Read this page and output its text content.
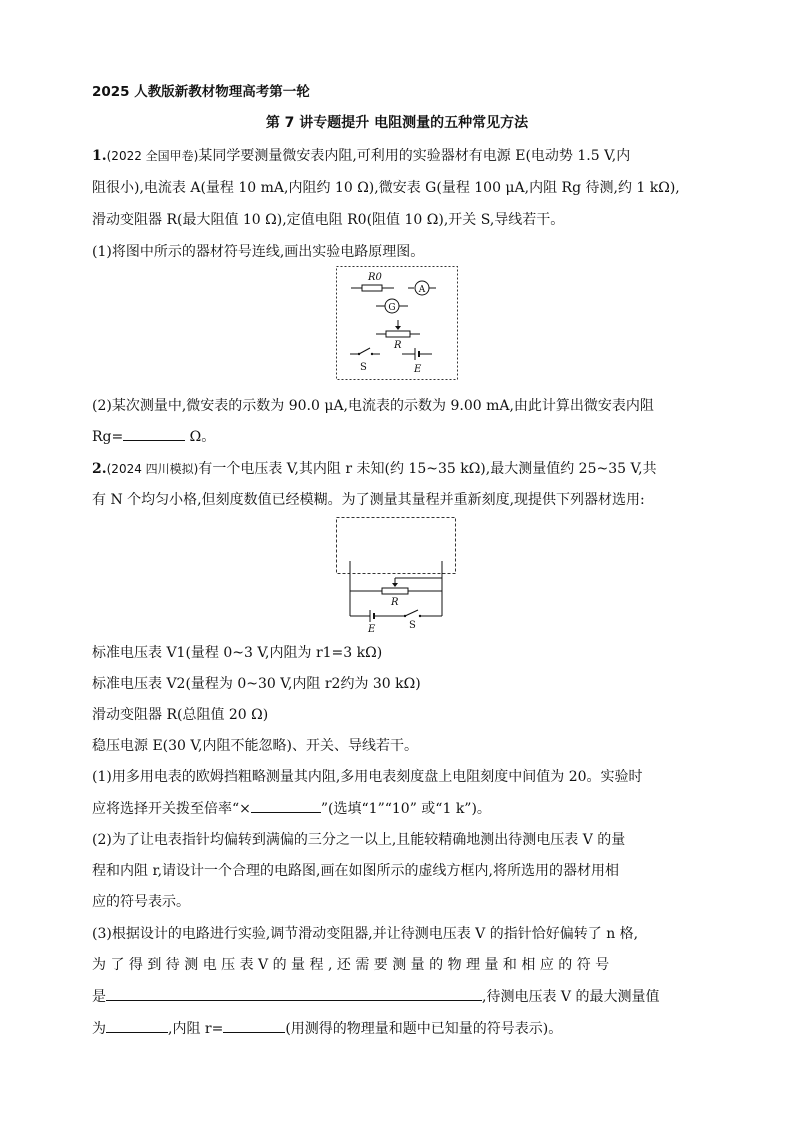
2025 人教版新教材物理高考第一轮
第 7 讲专题提升 电阻测量的五种常见方法
1.(2022 全国甲卷)某同学要测量微安表内阻,可利用的实验器材有电源 E(电动势 1.5 V,内
阻很小),电流表 A(量程 10 mA,内阻约 10 Ω),微安表 G(量程 100 μA,内阻 Rg 待测,约 1 kΩ),
滑动变阻器 R(最大阻值 10 Ω),定值电阻 R0(阻值 10 Ω),开关 S,导线若干。
(1)将图中所示的器材符号连线,画出实验电路原理图。
R0
A
G
R
S	E
(2)某次测量中,微安表的示数为 90.0 μA,电流表的示数为 9.00 mA,由此计算出微安表内阻
Rg=	Ω。
2.(2024 四川模拟)有一个电压表 V,其内阻 r 未知(约 15~35 kΩ),最大测量值约 25~35 V,共
有 N 个均匀小格,但刻度数值已经模糊。为了测量其量程并重新刻度,现提供下列器材选用:
R
E	S
标准电压表 V1(量程 0~3 V,内阻为 r1=3 kΩ)
标准电压表 V2(量程为 0~30 V,内阻 r2约为 30 kΩ)
滑动变阻器 R(总阻值 20 Ω)
稳压电源 E(30 V,内阻不能忽略)、开关、导线若干。
(1)用多用电表的欧姆挡粗略测量其内阻,多用电表刻度盘上电阻刻度中间值为 20。实验时
应将选择开关拨至倍率“×	”(选填“1”“10” 或“1 k”)。
(2)为了让电表指针均偏转到满偏的三分之一以上,且能较精确地测出待测电压表 V 的量
程和内阻 r,请设计一个合理的电路图,画在如图所示的虚线方框内,将所选用的器材用相
应的符号表示。
(3)根据设计的电路进行实验,调节滑动变阻器,并让待测电压表 V 的指针恰好偏转了 n 格,
为 了 得 到 待 测 电 压 表 V 的 量 程 , 还 需 要 测 量 的 物 理 量 和 相 应 的 符 号
是	,待测电压表 V 的最大测量值
为	,内阻 r=	(用测得的物理量和题中已知量的符号表示)。
